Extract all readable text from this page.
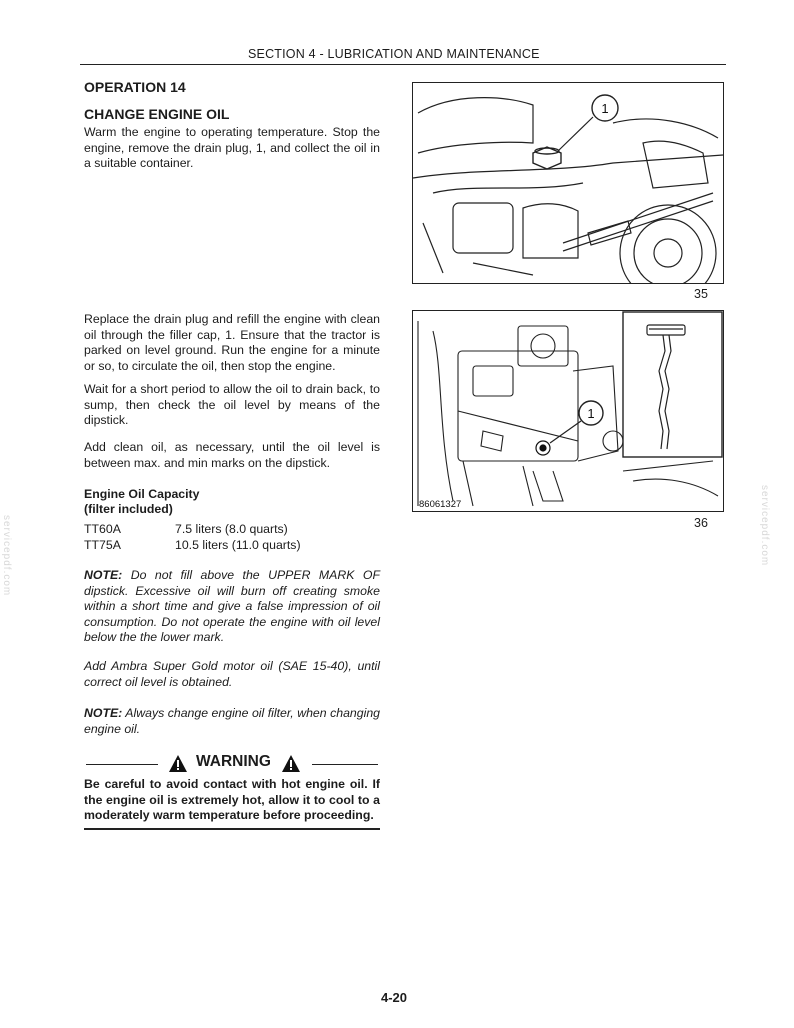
SECTION 4 - LUBRICATION AND MAINTENANCE
OPERATION 14
CHANGE ENGINE OIL

Warm the engine to operating temperature. Stop the engine, remove the drain plug, 1, and collect the oil in a suitable container.

Replace the drain plug and refill the engine with clean oil through the filler cap, 1. Ensure that the tractor is parked on level ground. Run the engine for a minute or so, to circulate the oil, then stop the engine.

Wait for a short period to allow the oil to drain back, to sump, then check the oil level by means of the dipstick.

Add clean oil, as necessary, until the oil level is between max. and min marks on the dipstick.

Engine Oil Capacity
(filter included)
TT60A	7.5 liters (8.0 quarts)
TT75A	10.5 liters (11.0 quarts)

NOTE: Do not fill above the UPPER MARK OF dipstick. Excessive oil will burn off creating smoke within a short time and give a false impression of oil consumption. Do not operate the engine with oil level below the the lower mark.

Add Ambra Super Gold motor oil (SAE 15-40), until correct oil level is obtained.

NOTE: Always change engine oil filter, when changing engine oil.

WARNING
Be careful to avoid contact with hot engine oil. If the engine oil is extremely hot, allow it to cool to a moderately warm temperature before proceeding.
1
35
1
86061327
36
servicepdf.com	servicepdf.com
4-20
